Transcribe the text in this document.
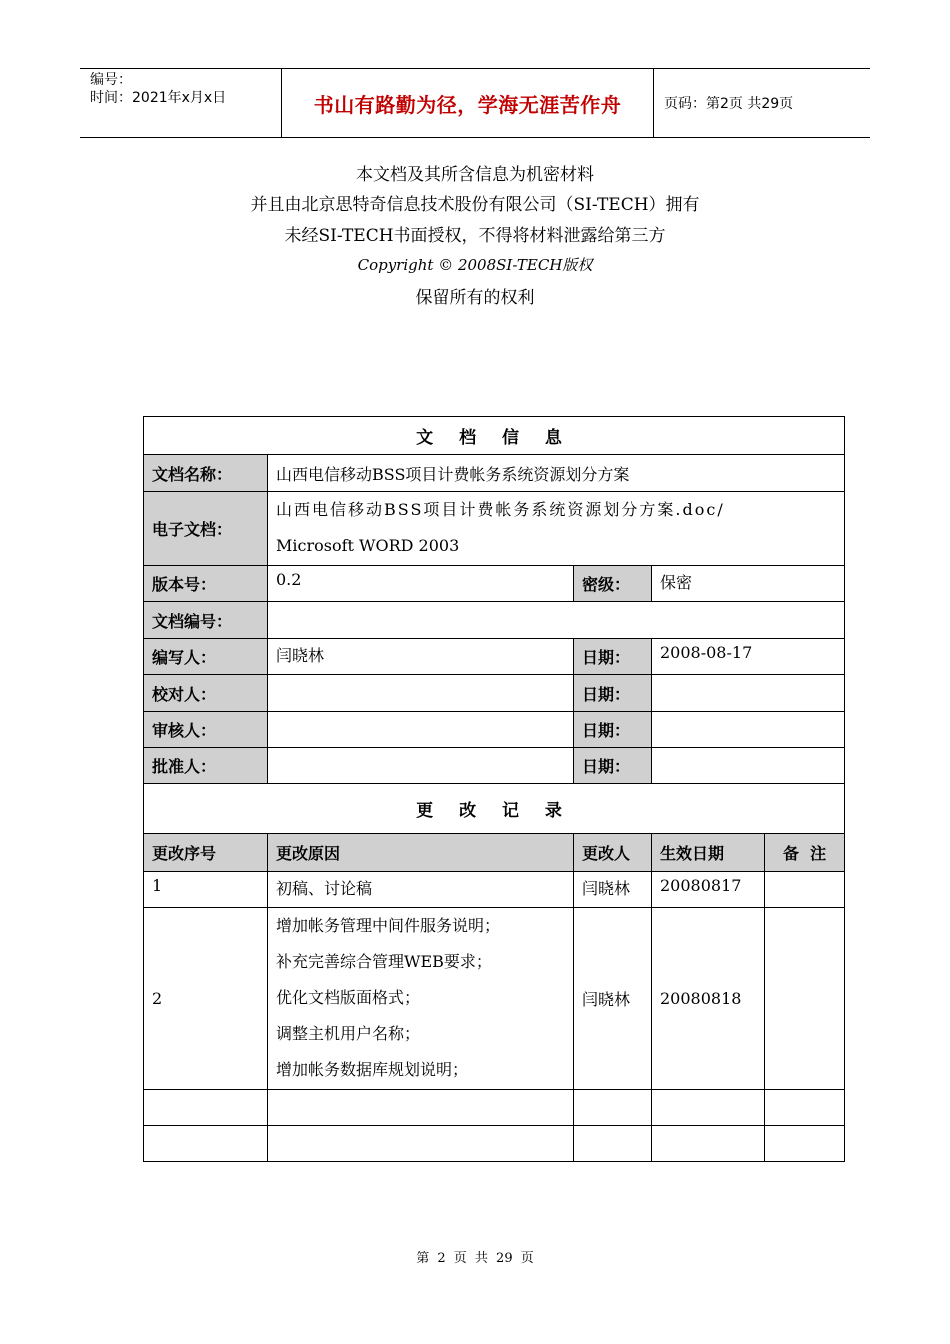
编号：
时间：2021年x月x日	书山有路勤为径，学海无涯苦作舟	页码：第2页 共29页
本文档及其所含信息为机密材料
并且由北京思特奇信息技术股份有限公司（SI-TECH）拥有
未经SI-TECH书面授权，不得将材料泄露给第三方
Copyright © 2008SI-TECH版权
保留所有的权利
文 档 信 息				
文档名称：	山西电信移动BSS项目计费帐务系统资源划分方案			
电子文档：	山西电信移动BSS项目计费帐务系统资源划分方案.doc/
Microsoft WORD 2003			

版本号：	0.2	密级：	保密	
文档编号：				
编写人：	闫晓林	日期：	2008-08-17	
校对人：		日期：		
审核人：		日期：		
批准人：		日期：		
更 改 记 录				
更改序号	更改原因	更改人	生效日期	备  注
1	初稿、讨论稿	闫晓林	20080817	
2	增加帐务管理中间件服务说明；
补充完善综合管理WEB要求；
优化文档版面格式；
调整主机用户名称；
增加帐务数据库规划说明；	闫晓林	20080818	

第 2 页 共 29 页
